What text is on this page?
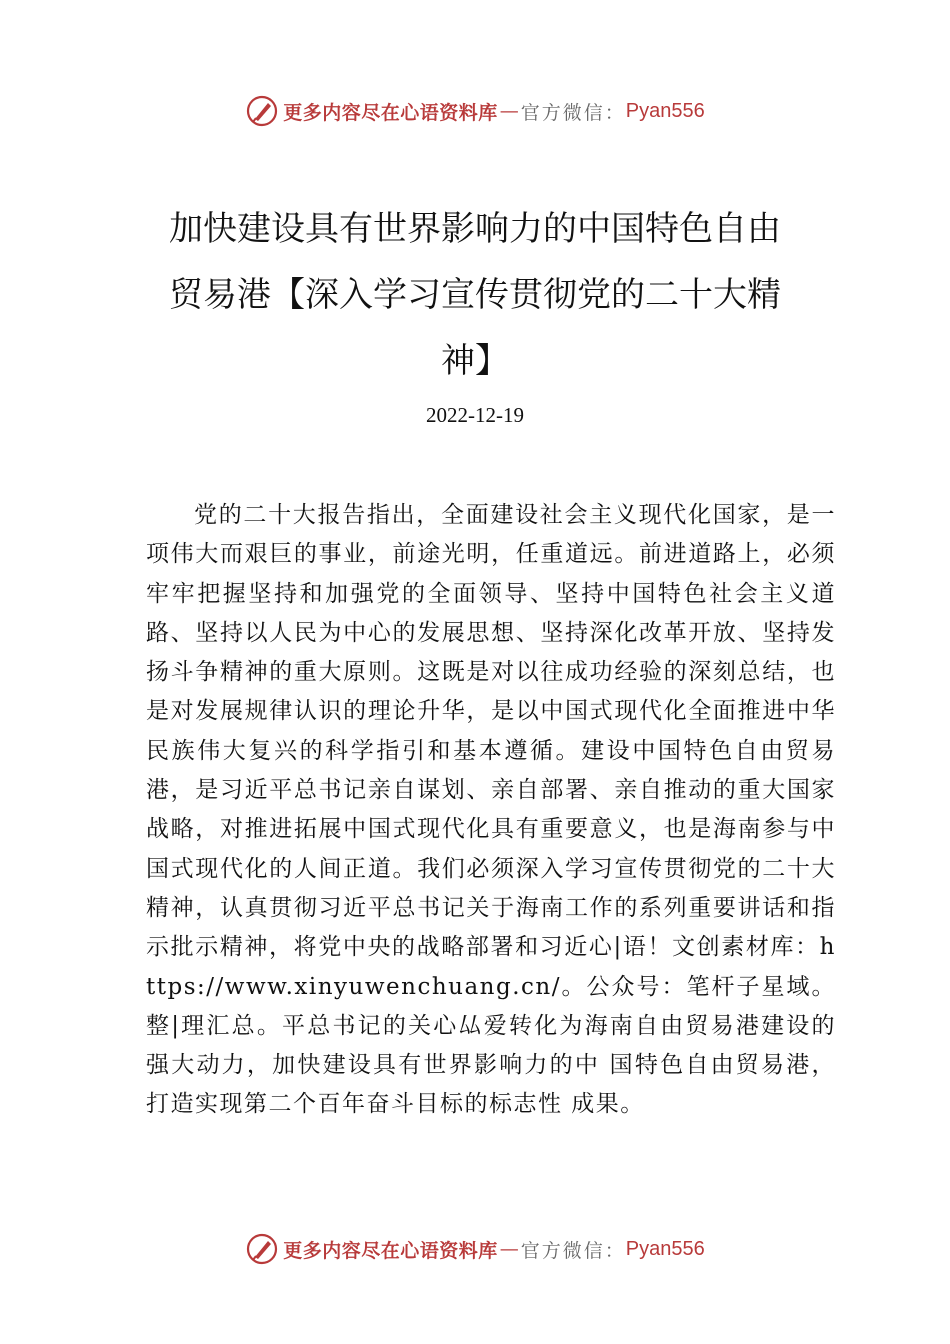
更多内容尽在心语资料库 — 官方微信： Pyan556
加快建设具有世界影响力的中国特色自由贸易港【深入学习宣传贯彻党的二十大精神】
2022-12-19
党的二十大报告指出，全面建设社会主义现代化国家，是一项伟大而艰巨的事业，前途光明，任重道远。前进道路上，必须牢牢把握坚持和加强党的全面领导、坚持中国特色社会主义道路、坚持以人民为中心的发展思想、坚持深化改革开放、坚持发扬斗争精神的重大原则。这既是对以往成功经验的深刻总结，也是对发展规律认识的理论升华，是以中国式现代化全面推进中华民族伟大复兴的科学指引和基本遵循。建设中国特色自由贸易港，是习近平总书记亲自谋划、亲自部署、亲自推动的重大国家战略，对推进拓展中国式现代化具有重要意义，也是海南参与中国式现代化的人间正道。我们必须深入学习宣传贯彻党的二十大精神，认真贯彻习近平总书记关于海南工作的系列重要讲话和指示批示精神，将党中央的战略部署和习近心|语！文创素材库：https://www.xinyuwenchuang.cn/。公众号：笔杆子星域。整|理汇总。平总书记的关心厸爱转化为海南自由贸易港建设的强大动力，加快建设具有世界影响力的中 国特色自由贸易港，打造实现第二个百年奋斗目标的标志性 成果。
更多内容尽在心语资料库 — 官方微信： Pyan556
